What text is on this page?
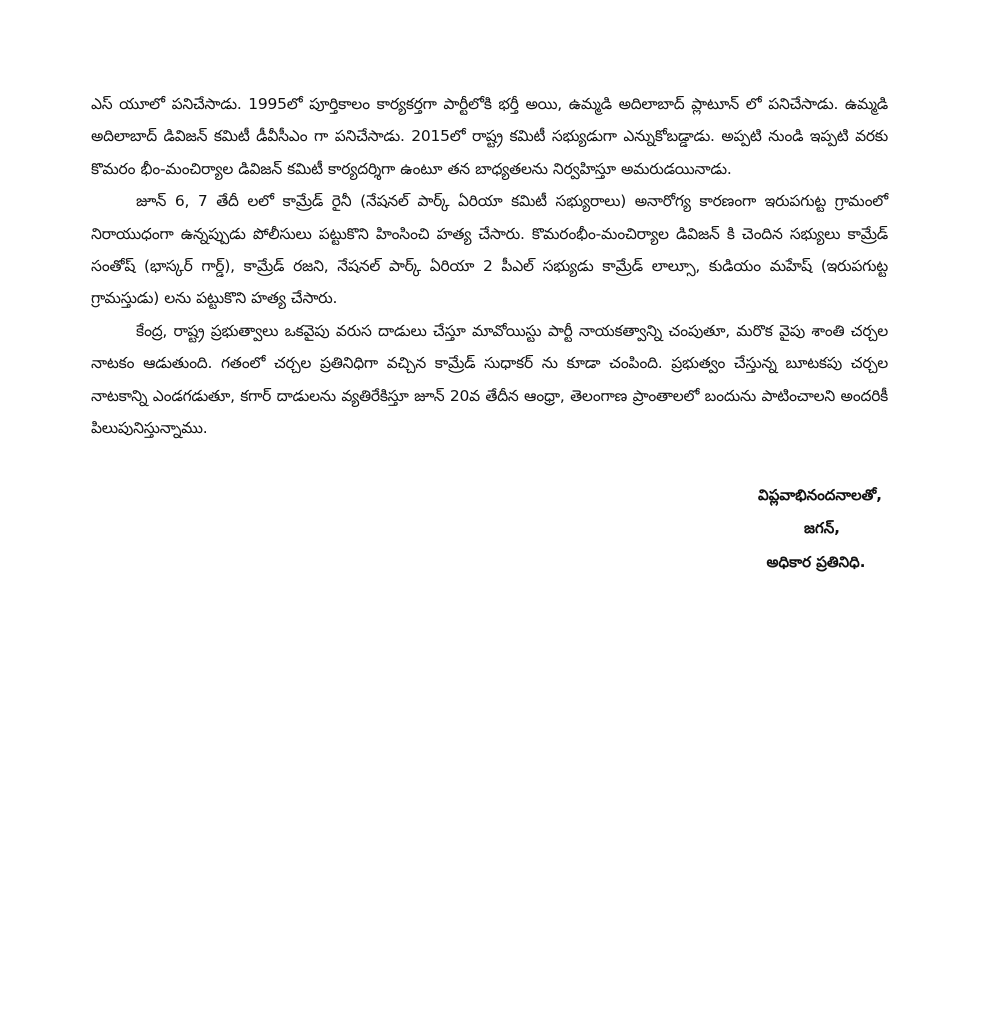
ఎస్ యూలో పనిచేసాడు. 1995లో పూర్తికాలం కార్యకర్తగా పార్టీలోకి భర్తీ అయి, ఉమ్మడి అదిలాబాద్ ప్లాటూన్ లో పనిచేసాడు. ఉమ్మడి అదిలాబాద్ డివిజన్ కమిటీ డీవీసీఎం గా పనిచేసాడు. 2015లో రాష్ట్ర కమిటీ సభ్యుడుగా ఎన్నుకోబడ్డాడు. అప్పటి నుండి ఇప్పటి వరకు కొమరం భీం-మంచిర్యాల డివిజన్ కమిటీ కార్యదర్శిగా ఉంటూ తన బాధ్యతలను నిర్వహిస్తూ అమరుడయినాడు.

జూన్ 6, 7 తేదీ లలో కామ్రేడ్ రైనీ (నేషనల్ పార్క్ ఏరియా కమిటీ సభ్యురాలు) అనారోగ్య కారణంగా ఇరుపగుట్ట గ్రామంలో నిరాయుధంగా ఉన్నప్పుడు పోలీసులు పట్టుకొని హింసించి హత్య చేసారు. కొమరంభీం-మంచిర్యాల డివిజన్ కి చెందిన సభ్యులు కామ్రేడ్ సంతోష్ (భాస్కర్ గార్డ్), కామ్రేడ్ రజని, నేషనల్ పార్క్ ఏరియా 2 పీఎల్ సభ్యుడు కామ్రేడ్ లాల్సూ, కుడియం మహేష్ (ఇరుపగుట్ట గ్రామస్తుడు) లను పట్టుకొని హత్య చేసారు.

కేంద్ర, రాష్ట్ర ప్రభుత్వాలు ఒకవైపు వరుస దాడులు చేస్తూ మావోయిస్టు పార్టీ నాయకత్వాన్ని చంపుతూ, మరొక వైపు శాంతి చర్చల నాటకం ఆడుతుంది. గతంలో చర్చల ప్రతినిధిగా వచ్చిన కామ్రేడ్ సుధాకర్ ను కూడా చంపింది. ప్రభుత్వం చేస్తున్న బూటకపు చర్చల నాటకాన్ని ఎండగడుతూ, కగార్ దాడులను వ్యతిరేకిస్తూ జూన్ 20వ తేదీన ఆంధ్రా, తెలంగాణ ప్రాంతాలలో బందును పాటించాలని అందరికీ పిలుపునిస్తున్నాము.

విప్లవాభినందనాలతో,
జగన్,
అధికార ప్రతినిధి.
